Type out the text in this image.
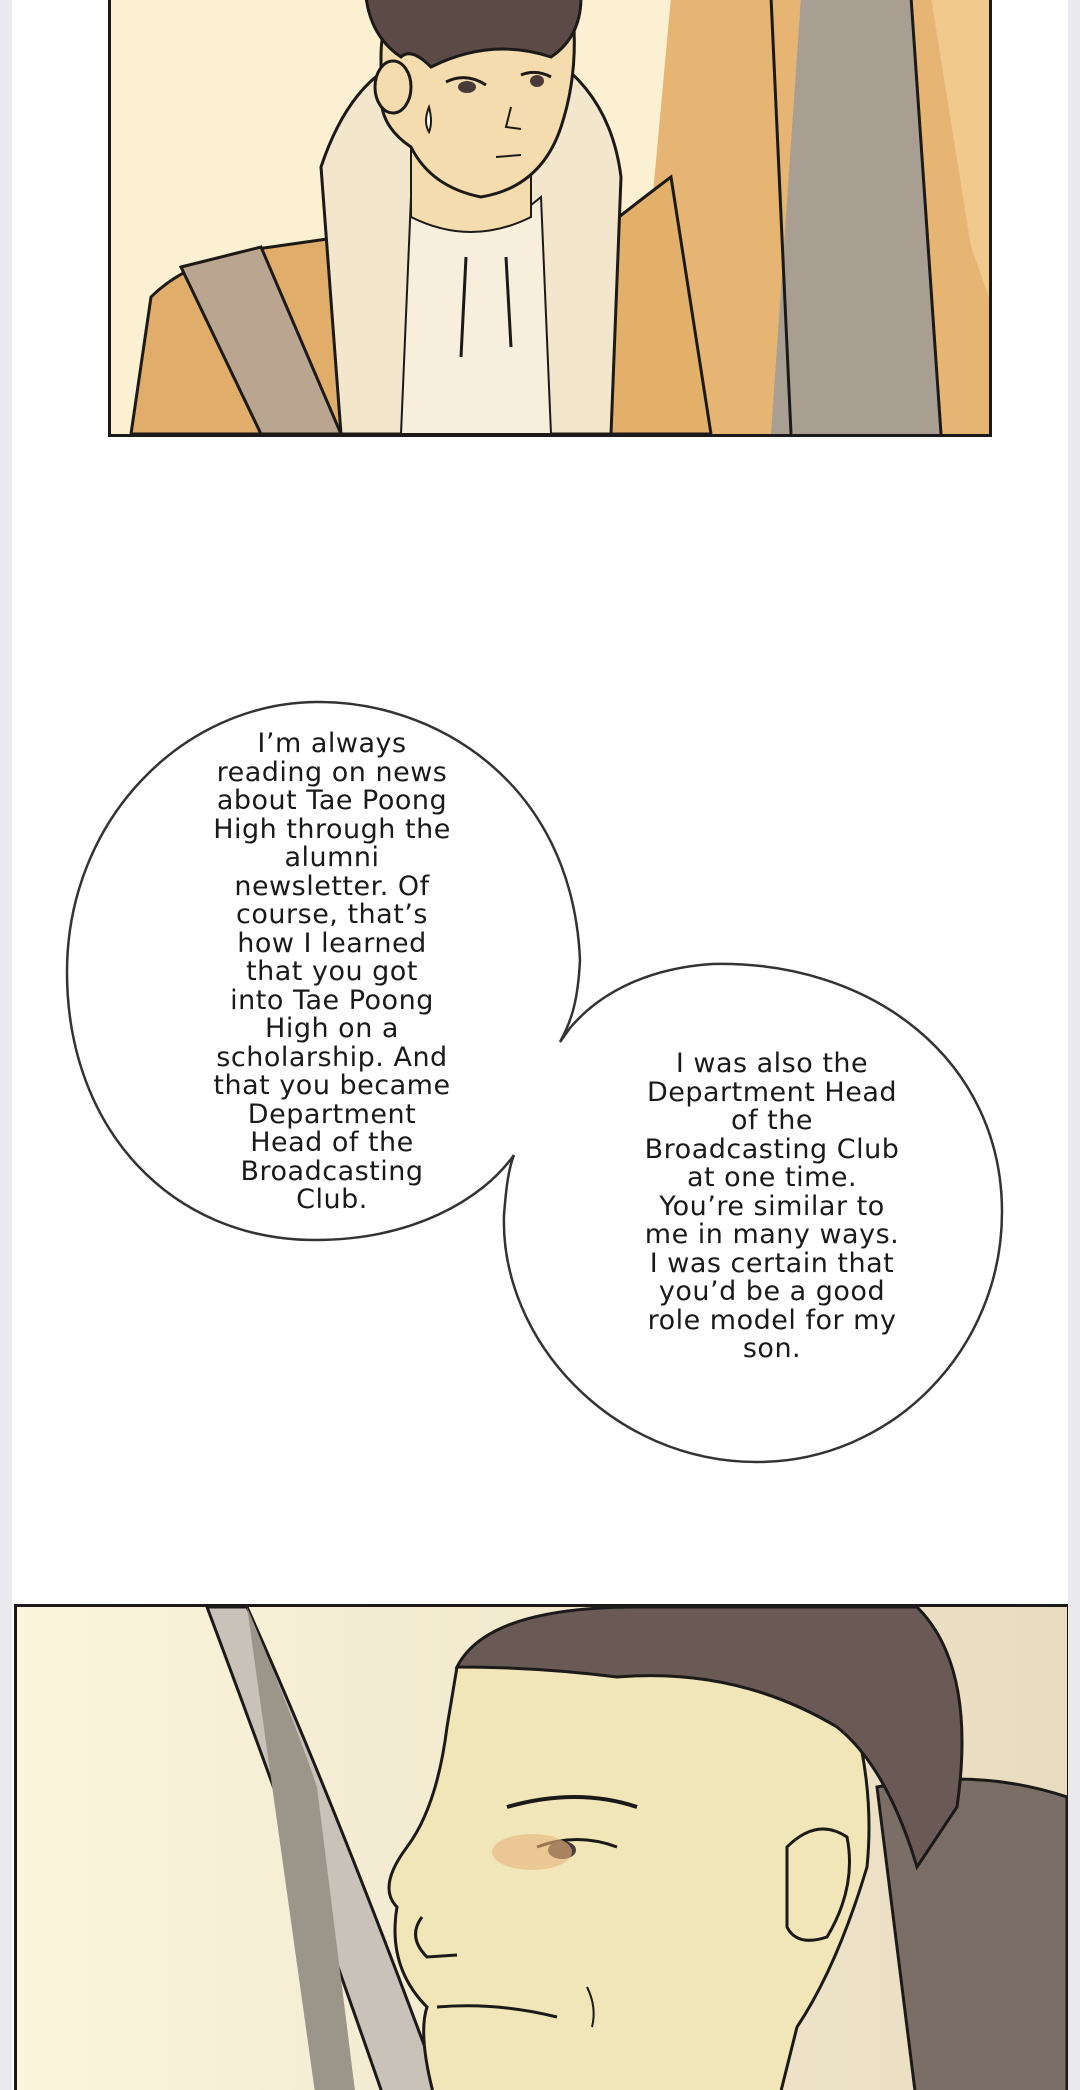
I’m always
reading on news
about Tae Poong
High through the
alumni
newsletter. Of
course, that’s
how I learned
that you got
into Tae Poong
High on a
scholarship. And
that you became
Department
Head of the
Broadcasting
Club.
I was also the
Department Head
of the
Broadcasting Club
at one time.
You’re similar to
me in many ways.
I was certain that
you’d be a good
role model for my
son.
